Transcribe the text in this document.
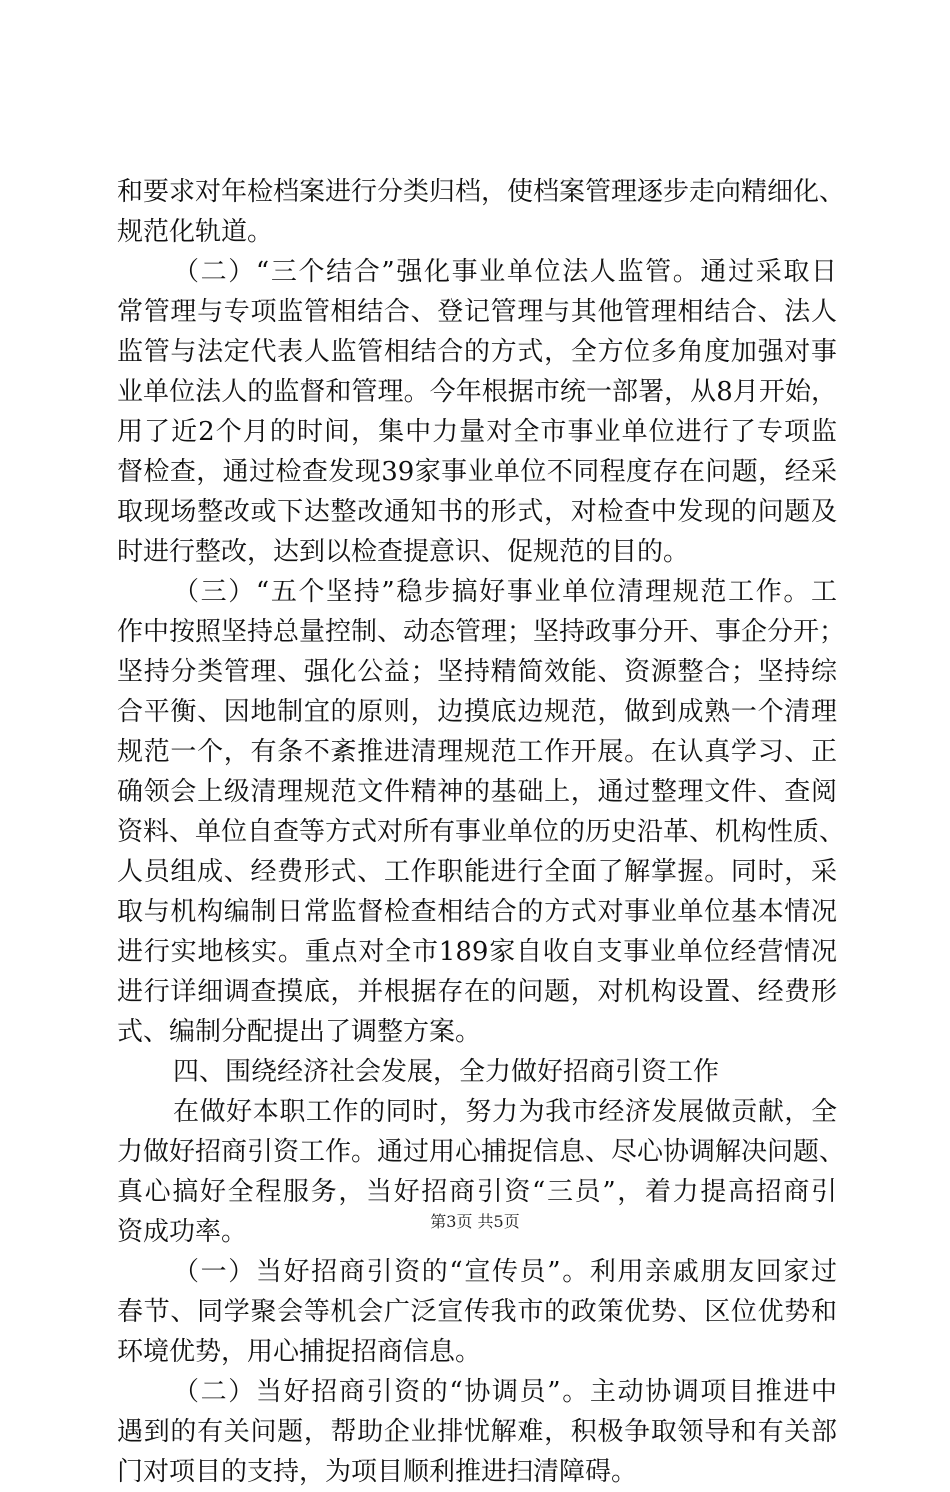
和要求对年检档案进行分类归档，使档案管理逐步走向精细化、
规范化轨道。
（二）“三个结合”强化事业单位法人监管。通过采取日
常管理与专项监管相结合、登记管理与其他管理相结合、法人
监管与法定代表人监管相结合的方式，全方位多角度加强对事
业单位法人的监督和管理。今年根据市统一部署，从8月开始，
用了近2个月的时间，集中力量对全市事业单位进行了专项监
督检查，通过检查发现39家事业单位不同程度存在问题，经采
取现场整改或下达整改通知书的形式，对检查中发现的问题及
时进行整改，达到以检查提意识、促规范的目的。
（三）“五个坚持”稳步搞好事业单位清理规范工作。工
作中按照坚持总量控制、动态管理；坚持政事分开、事企分开；
坚持分类管理、强化公益；坚持精简效能、资源整合；坚持综
合平衡、因地制宜的原则，边摸底边规范，做到成熟一个清理
规范一个，有条不紊推进清理规范工作开展。在认真学习、正
确领会上级清理规范文件精神的基础上，通过整理文件、查阅
资料、单位自查等方式对所有事业单位的历史沿革、机构性质、
人员组成、经费形式、工作职能进行全面了解掌握。同时，采
取与机构编制日常监督检查相结合的方式对事业单位基本情况
进行实地核实。重点对全市189家自收自支事业单位经营情况
进行详细调查摸底，并根据存在的问题，对机构设置、经费形
式、编制分配提出了调整方案。
四、围绕经济社会发展，全力做好招商引资工作
在做好本职工作的同时，努力为我市经济发展做贡献，全
力做好招商引资工作。通过用心捕捉信息、尽心协调解决问题、
真心搞好全程服务，当好招商引资“三员”，着力提高招商引
资成功率。
（一）当好招商引资的“宣传员”。利用亲戚朋友回家过
春节、同学聚会等机会广泛宣传我市的政策优势、区位优势和
环境优势，用心捕捉招商信息。
（二）当好招商引资的“协调员”。主动协调项目推进中
遇到的有关问题，帮助企业排忧解难，积极争取领导和有关部
门对项目的支持，为项目顺利推进扫清障碍。
第3页 共5页
